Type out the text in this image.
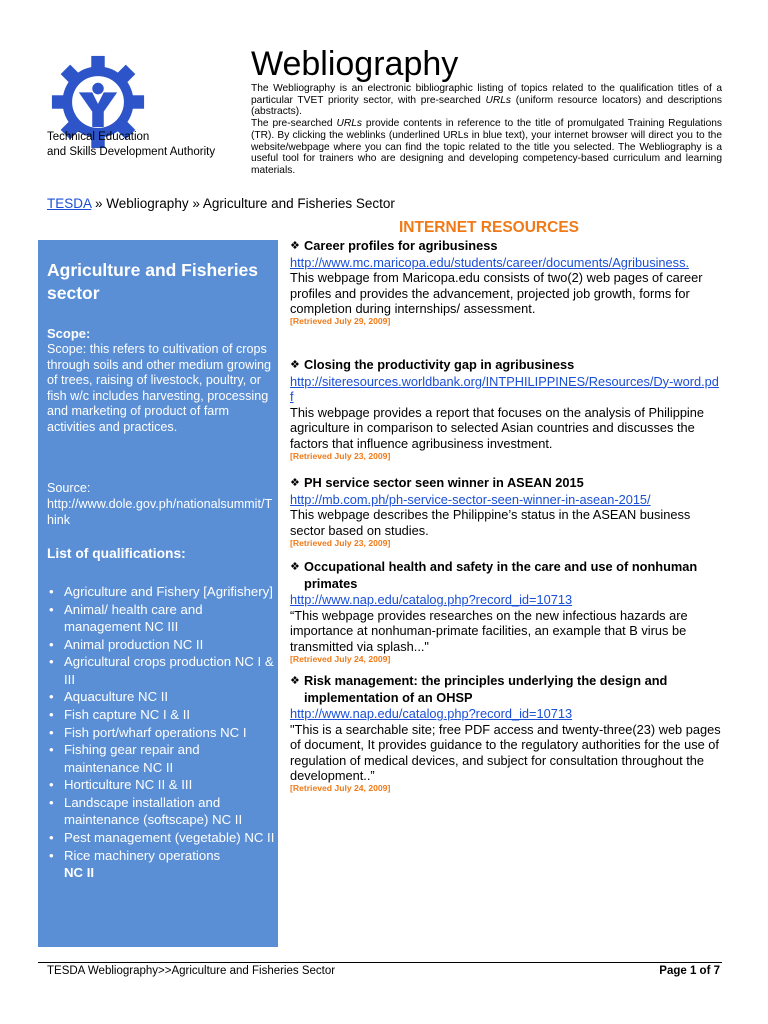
Technical Education
and Skills Development Authority
Webliography

The Webliography is an electronic bibliographic listing of topics related to the qualification titles of a particular TVET priority sector, with pre-searched URLs (uniform resource locators) and descriptions (abstracts).

The pre-searched URLs provide contents in reference to the title of promulgated Training Regulations (TR). By clicking the weblinks (underlined URLs in blue text), your internet browser will direct you to the website/webpage where you can find the topic related to the title you selected. The Webliography is a useful tool for trainers who are designing and developing competency-based curriculum and learning materials.

TESDA » Webliography » Agriculture and Fisheries Sector
Agriculture and Fisheries sector
Scope:
Scope: this refers to cultivation of crops through soils and other medium growing of trees, raising of livestock, poultry, or fish w/c includes harvesting, processing and marketing of product of farm activities and practices.
Source:
http://www.dole.gov.ph/nationalsummit/Think
List of qualifications:
• Agriculture and Fishery [Agrifishery]
• Animal/ health care and management NC III
• Animal production NC II
• Agricultural crops production NC I & III
• Aquaculture NC II
• Fish capture NC I & II
• Fish port/wharf operations NC I
• Fishing gear repair and maintenance NC II
• Horticulture NC II & III
• Landscape installation and maintenance (softscape) NC II
• Pest management (vegetable) NC II
• Rice machinery operations
NC II
INTERNET RESOURCES
❖ Career profiles for agribusiness
http://www.mc.maricopa.edu/students/career/documents/Agribusiness.
This webpage from Maricopa.edu consists of two(2) web pages of career profiles and provides the advancement, projected job growth, forms for completion during internships/ assessment.
[Retrieved July 29, 2009]
❖ Closing the productivity gap in agribusiness
http://siteresources.worldbank.org/INTPHILIPPINES/Resources/Dy-word.pdf
This webpage provides a report that focuses on the analysis of Philippine agriculture in comparison to selected Asian countries and discusses the factors that influence agribusiness investment.
[Retrieved July 23, 2009]
❖ PH service sector seen winner in ASEAN 2015
http://mb.com.ph/ph-service-sector-seen-winner-in-asean-2015/
This webpage describes the Philippine’s status in the ASEAN business sector based on studies.
[Retrieved July 23, 2009]
❖ Occupational health and safety in the care and use of nonhuman primates
http://www.nap.edu/catalog.php?record_id=10713
“This webpage provides researches on the new infectious hazards are importance at nonhuman-primate facilities, an example that B virus be transmitted via splash..."
[Retrieved July 24, 2009]
❖ Risk management: the principles underlying the design and implementation of an OHSP
http://www.nap.edu/catalog.php?record_id=10713
"This is a searchable site; free PDF access and twenty-three(23) web pages of document, It provides guidance to the regulatory authorities for the use of regulation of medical devices, and subject for consultation throughout the development..”
[Retrieved July 24, 2009]
TESDA Webliography>>Agriculture and Fisheries Sector	Page 1 of 7
